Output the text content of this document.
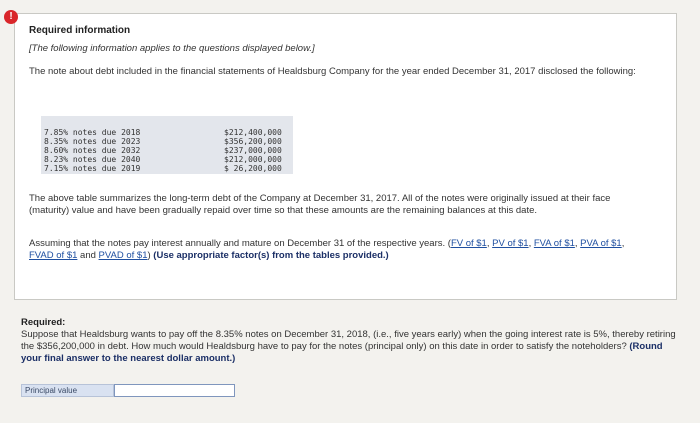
!
Required information
[The following information applies to the questions displayed below.]
The note about debt included in the financial statements of Healdsburg Company for the year ended December 31, 2017 disclosed the following:
7.85% notes due 2018	$212,400,000
8.35% notes due 2023	$356,200,000
8.60% notes due 2032	$237,000,000
8.23% notes due 2040	$212,000,000
7.15% notes due 2019	$ 26,200,000
The above table summarizes the long-term debt of the Company at December 31, 2017. All of the notes were originally issued at their face (maturity) value and have been gradually repaid over time so that these amounts are the remaining balances at this date.
Assuming that the notes pay interest annually and mature on December 31 of the respective years. (FV of $1, PV of $1, FVA of $1, PVA of $1, FVAD of $1 and PVAD of $1) (Use appropriate factor(s) from the tables provided.)
Required:
Suppose that Healdsburg wants to pay off the 8.35% notes on December 31, 2018, (i.e., five years early) when the going interest rate is 5%, thereby retiring the $356,200,000 in debt. How much would Healdsburg have to pay for the notes (principal only) on this date in order to satisfy the noteholders? (Round your final answer to the nearest dollar amount.)
Principal value
